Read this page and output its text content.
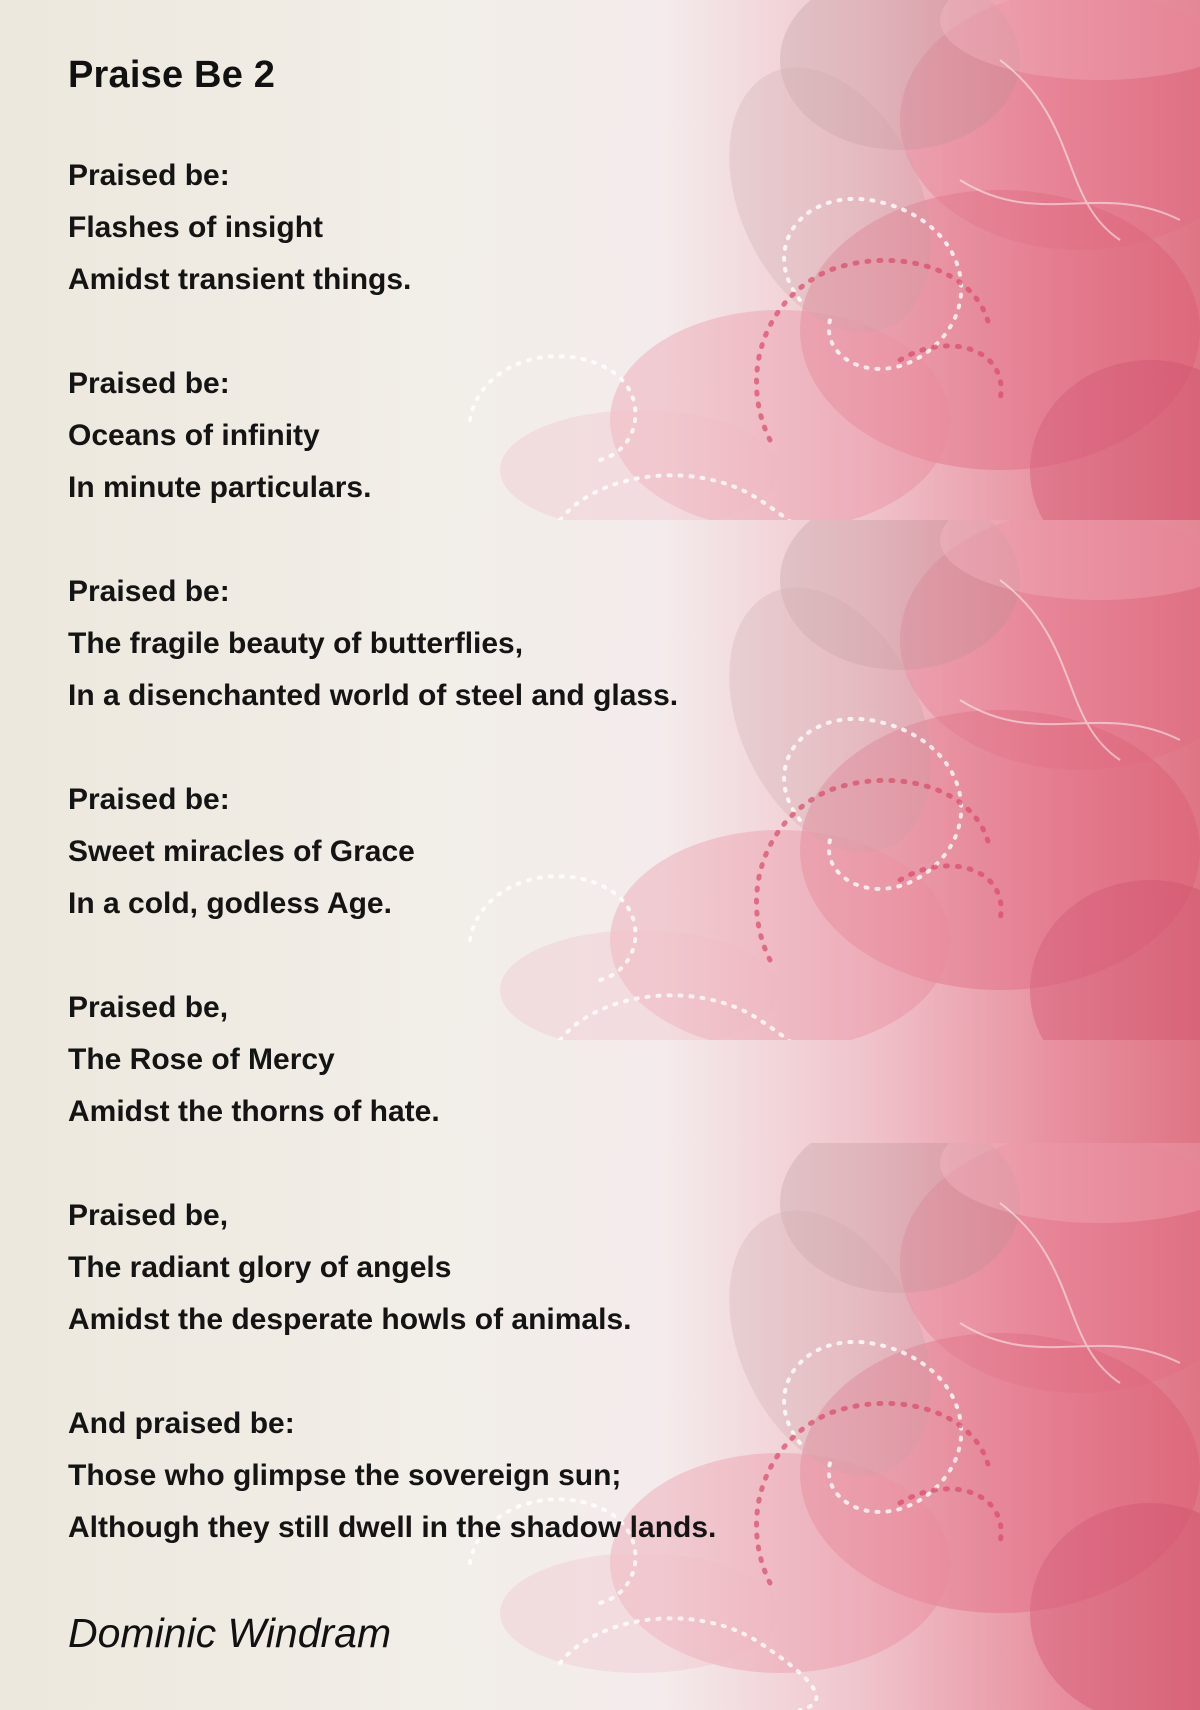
Praise Be 2
Praised be:
Flashes of insight
Amidst transient things.
Praised be:
Oceans of infinity
In minute particulars.
Praised be:
The fragile beauty of butterflies,
In a disenchanted world of steel and glass.
Praised be:
Sweet miracles of Grace
In a cold, godless Age.
Praised be,
The Rose of Mercy
Amidst the thorns of hate.
Praised be,
The radiant glory of angels
Amidst the desperate howls of animals.
And praised be:
Those who glimpse the sovereign sun;
Although they still dwell in the shadow lands.
Dominic Windram
